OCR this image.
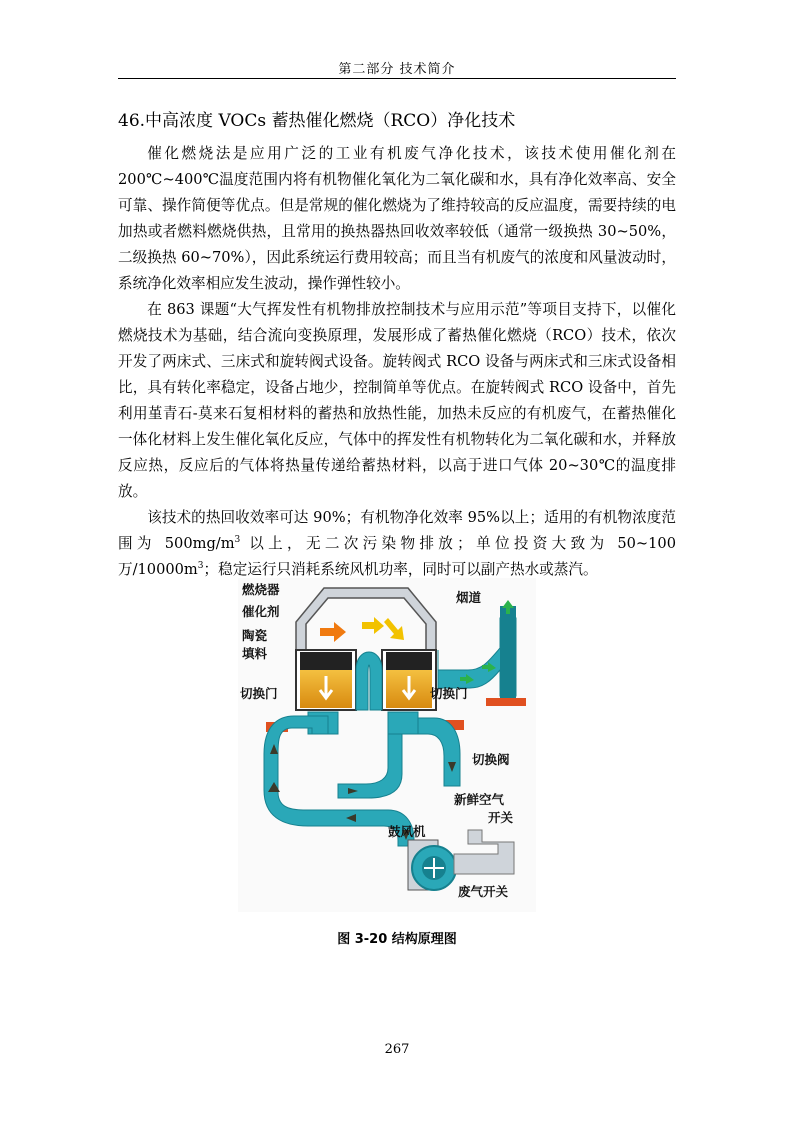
第二部分 技术简介
46.中高浓度 VOCs 蓄热催化燃烧（RCO）净化技术

催化燃烧法是应用广泛的工业有机废气净化技术，该技术使用催化剂在200℃~400℃温度范围内将有机物催化氧化为二氧化碳和水，具有净化效率高、安全可靠、操作简便等优点。但是常规的催化燃烧为了维持较高的反应温度，需要持续的电加热或者燃料燃烧供热，且常用的换热器热回收效率较低（通常一级换热 30~50%，二级换热 60~70%），因此系统运行费用较高；而且当有机废气的浓度和风量波动时，系统净化效率相应发生波动，操作弹性较小。

在 863 课题“大气挥发性有机物排放控制技术与应用示范”等项目支持下，以催化燃烧技术为基础，结合流向变换原理，发展形成了蓄热催化燃烧（RCO）技术，依次开发了两床式、三床式和旋转阀式设备。旋转阀式 RCO 设备与两床式和三床式设备相比，具有转化率稳定，设备占地少，控制简单等优点。在旋转阀式 RCO 设备中，首先利用堇青石-莫来石复相材料的蓄热和放热性能，加热未反应的有机废气，在蓄热催化一体化材料上发生催化氧化反应，气体中的挥发性有机物转化为二氧化碳和水，并释放反应热，反应后的气体将热量传递给蓄热材料，以高于进口气体 20~30℃的温度排放。

该技术的热回收效率可达 90%；有机物净化效率 95%以上；适用的有机物浓度范围为 $500mg/m^3$ 以上，无二次污染物排放；单位投资大致为 50~100 万$/10000m^3$；稳定运行只消耗系统风机功率，同时可以副产热水或蒸汽。

燃烧器
催化剂
陶瓷
填料
烟道
切换门	切换门
切换阀
新鲜空气
开关
鼓风机
废气开关
图 3-20 结构原理图
267
